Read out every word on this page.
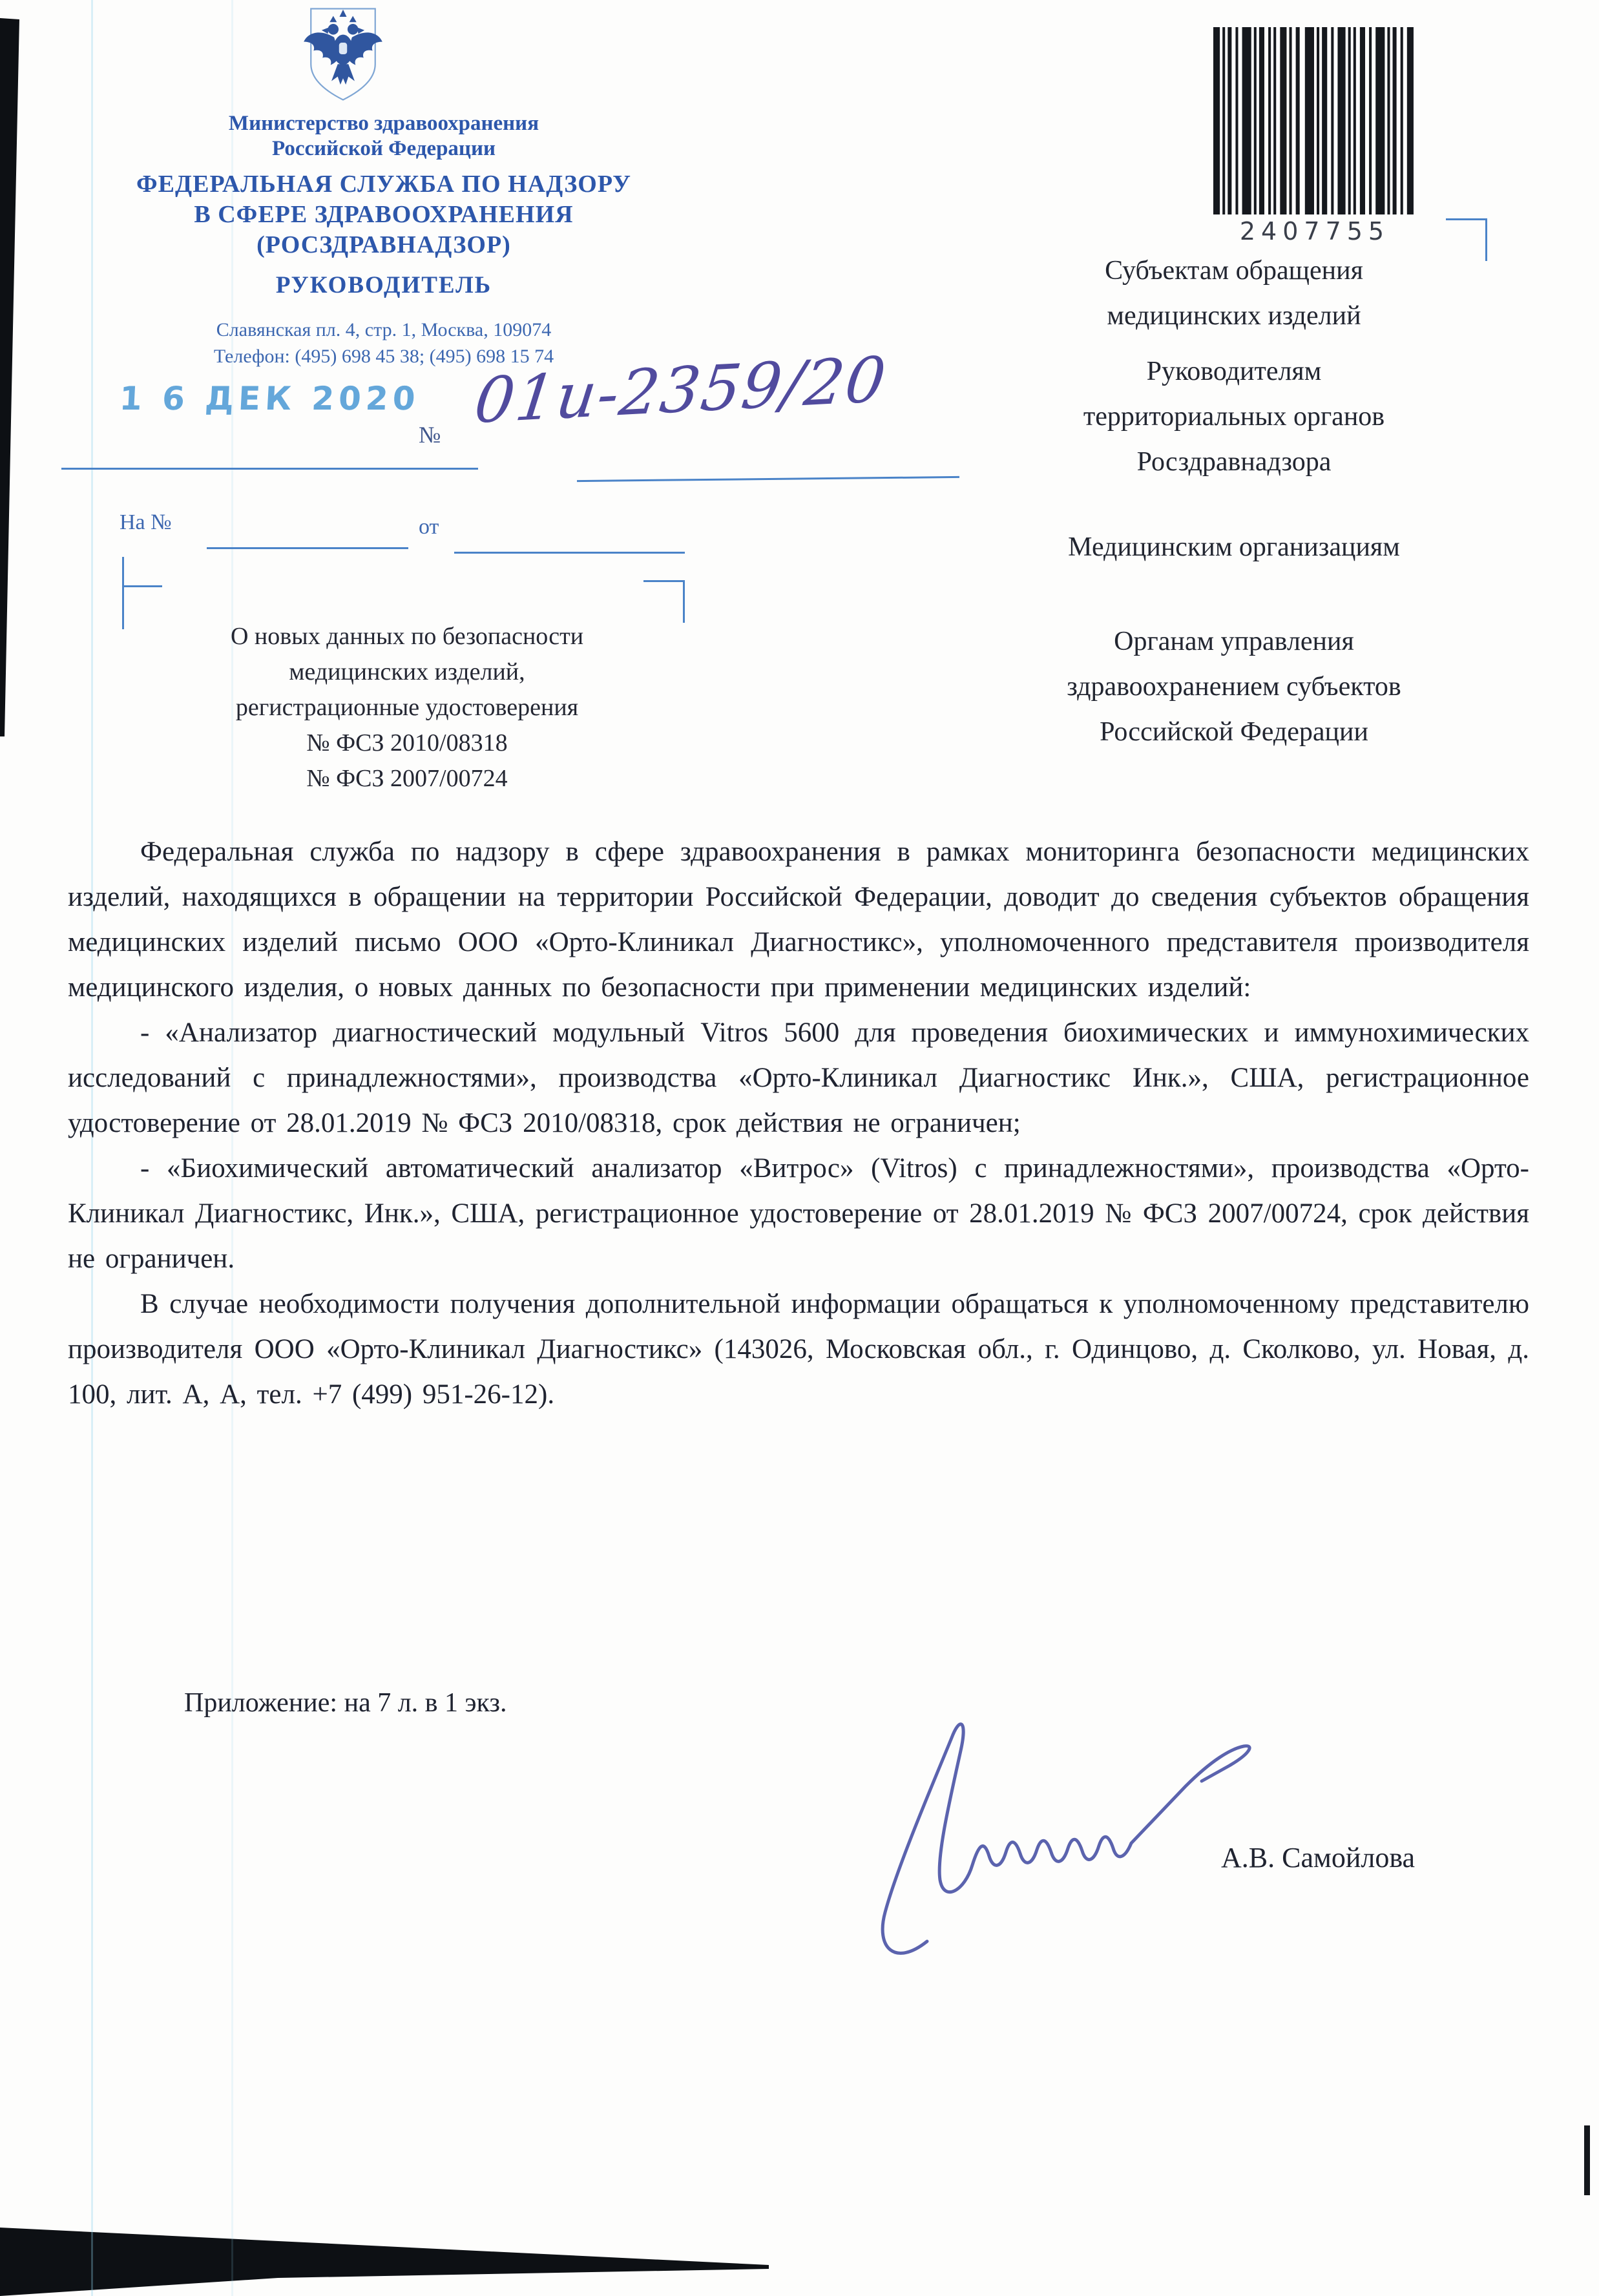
Министерство здравоохранения
Российской Федерации
ФЕДЕРАЛЬНАЯ СЛУЖБА ПО НАДЗОРУ
В СФЕРЕ ЗДРАВООХРАНЕНИЯ
(РОСЗДРАВНАДЗОР)
РУКОВОДИТЕЛЬ
Славянская пл. 4, стр. 1, Москва, 109074
Телефон: (495) 698 45 38; (495) 698 15 74
1 6 ДЕК 2020
№ 01и-2359/20
На №	от
О новых данных по безопасности
медицинских изделий,
регистрационные удостоверения
№ ФСЗ 2010/08318
№ ФСЗ 2007/00724
2407755
Субъектам обращения
медицинских изделий
Руководителям
территориальных органов
Росздравнадзора
Медицинским организациям
Органам управления
здравоохранением субъектов
Российской Федерации

Федеральная служба по надзору в сфере здравоохранения в рамках мониторинга безопасности медицинских изделий, находящихся в обращении на территории Российской Федерации, доводит до сведения субъектов обращения медицинских изделий письмо ООО «Орто-Клиникал Диагностикс», уполномоченного представителя производителя медицинского изделия, о новых данных по безопасности при применении медицинских изделий:

- «Анализатор диагностический модульный Vitros 5600 для проведения биохимических и иммунохимических исследований с принадлежностями», производства «Орто-Клиникал Диагностикс Инк.», США, регистрационное удостоверение от 28.01.2019 № ФСЗ 2010/08318, срок действия не ограничен;

- «Биохимический автоматический анализатор «Витрос» (Vitros) с принадлежностями», производства «Орто-Клиникал Диагностикс, Инк.», США, регистрационное удостоверение от 28.01.2019 № ФСЗ 2007/00724, срок действия не ограничен.

В случае необходимости получения дополнительной информации обращаться к уполномоченному представителю производителя ООО «Орто-Клиникал Диагностикс» (143026, Московская обл., г. Одинцово, д. Сколково, ул. Новая, д. 100, лит. А, А, тел. +7 (499) 951-26-12).

Приложение: на 7 л. в 1 экз.
А.В. Самойлова
